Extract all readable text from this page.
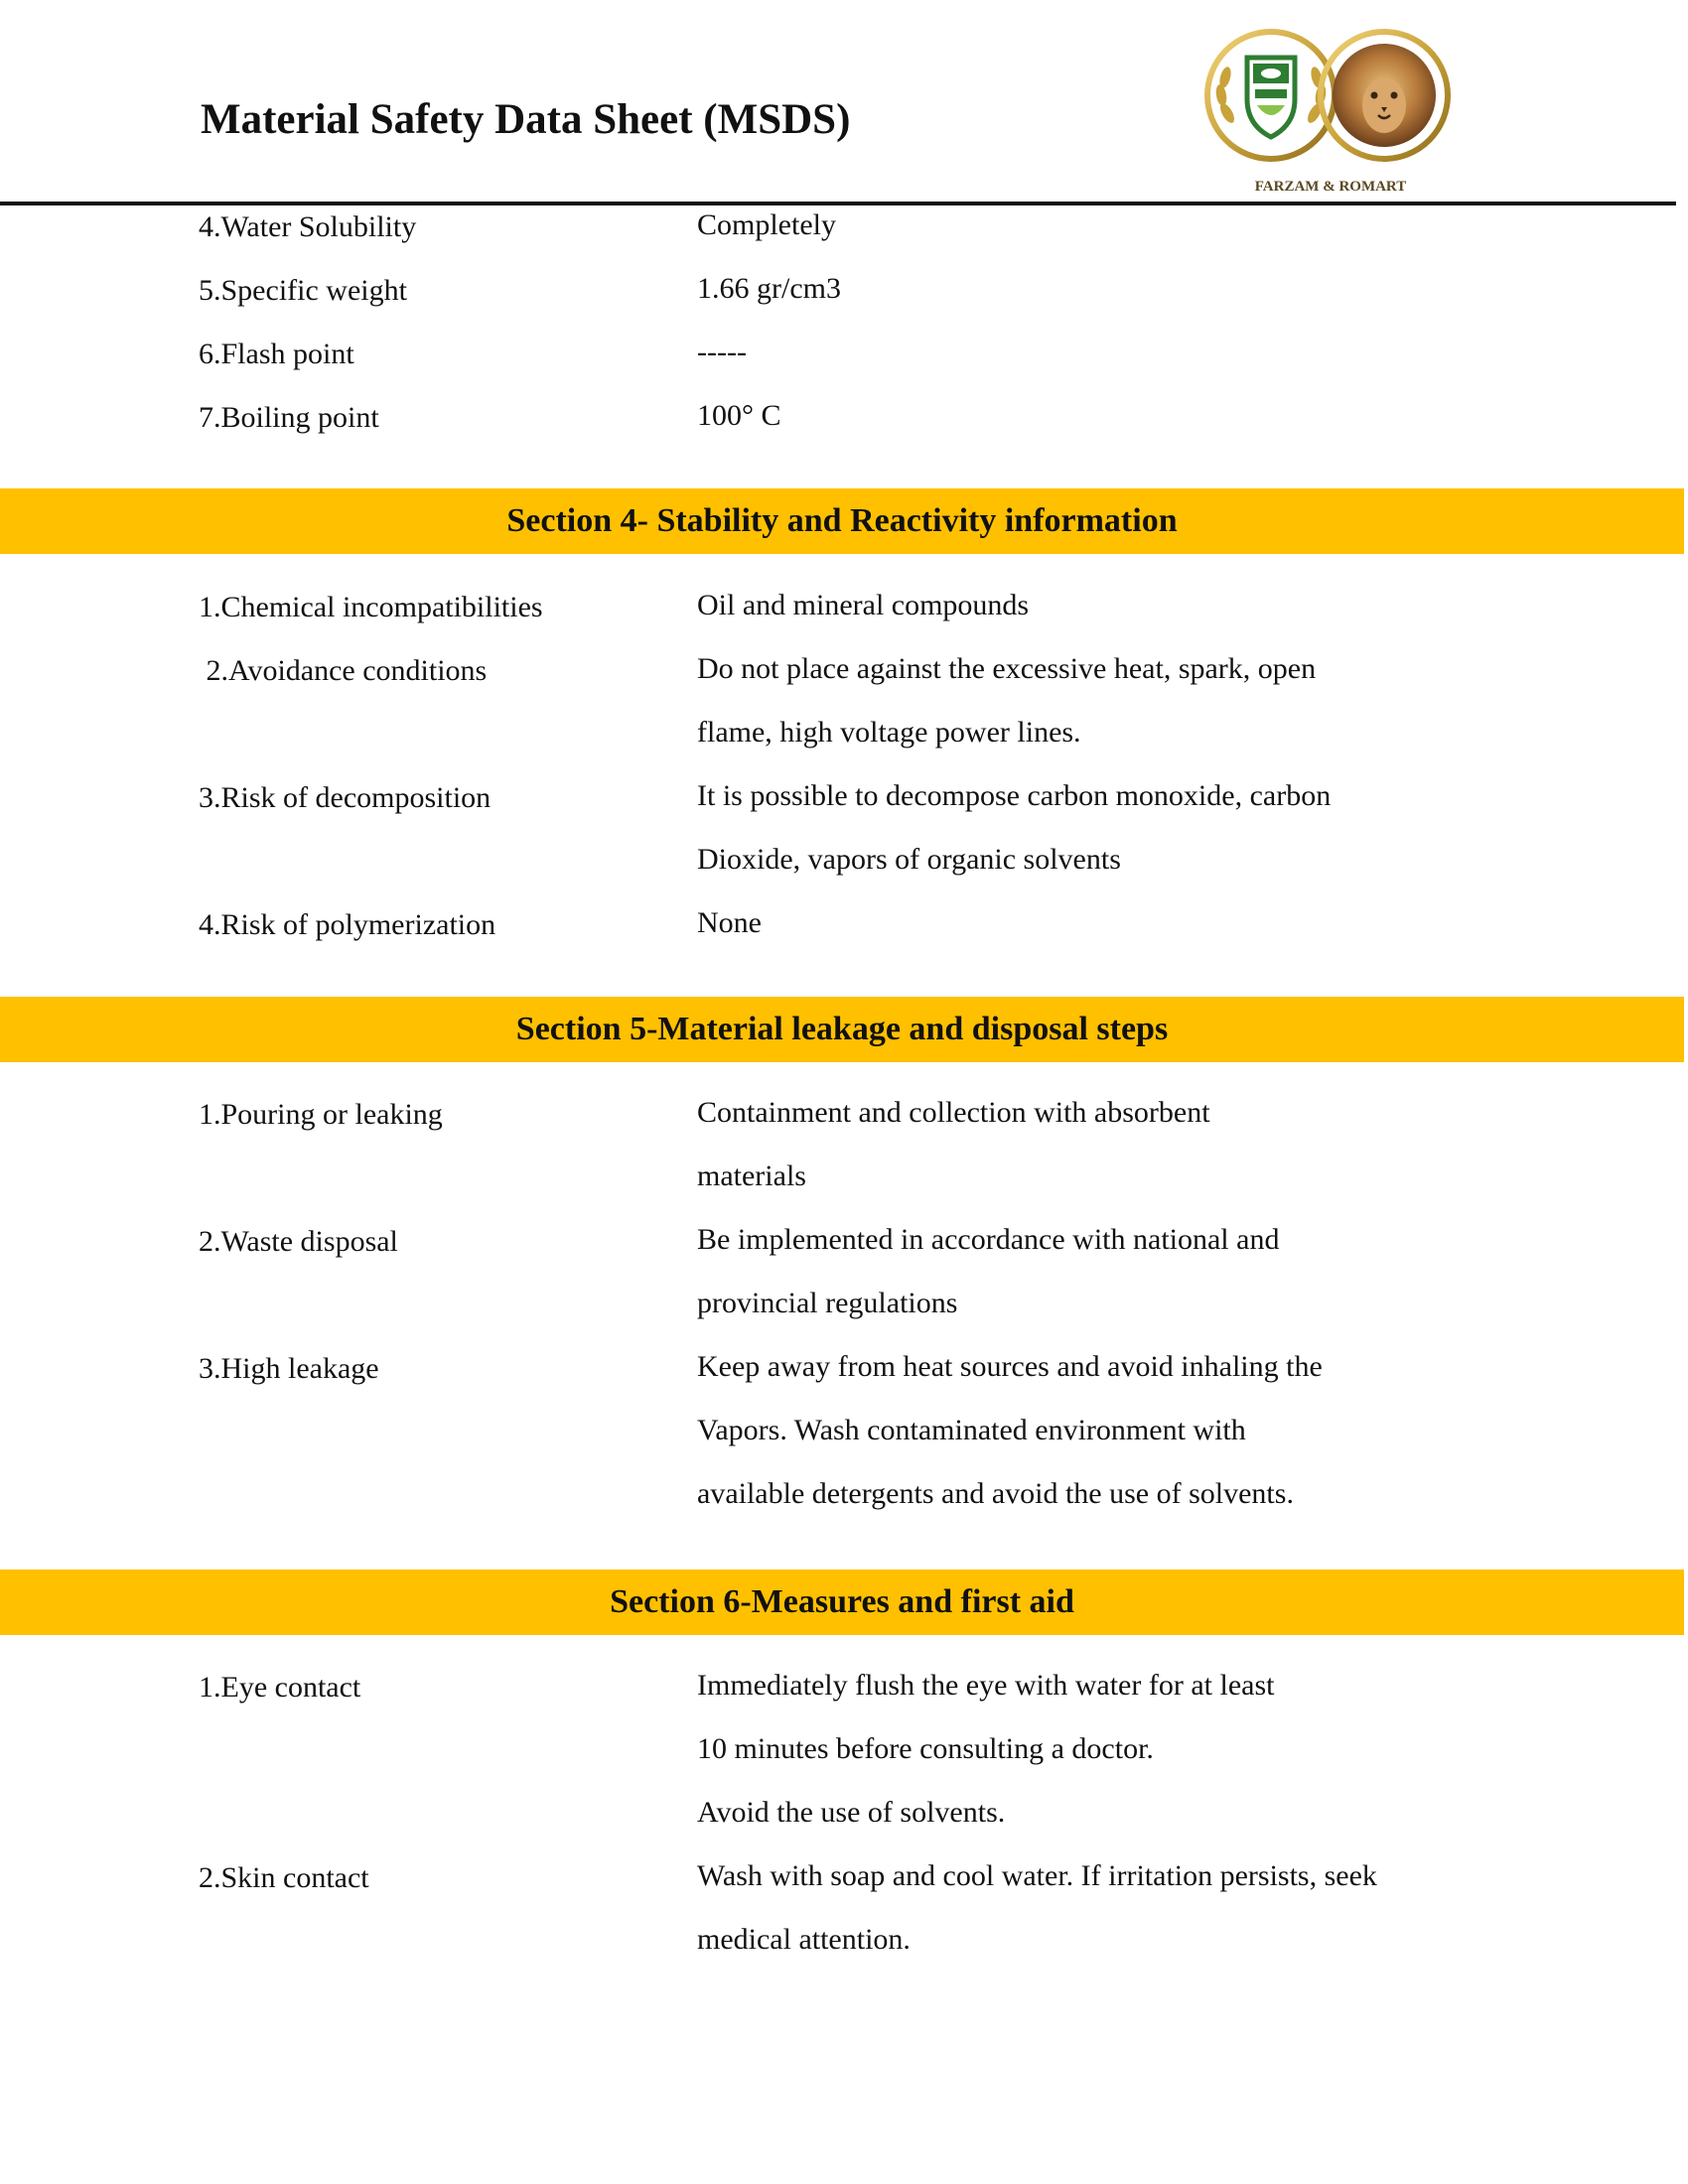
Material Safety Data Sheet (MSDS)
FARZAM & ROMART
4.Water Solubility	Completely
5.Specific weight	1.66 gr/cm3
6.Flash point	-----
7.Boiling point	100° C
Section 4- Stability and Reactivity information
1.Chemical incompatibilities	Oil and mineral compounds
2.Avoidance conditions	Do not place against the excessive heat, spark, open
flame, high voltage power lines.
3.Risk of decomposition	It is possible to decompose carbon monoxide, carbon
Dioxide, vapors of organic solvents
4.Risk of polymerization	None
Section 5-Material leakage and disposal steps
1.Pouring or leaking	Containment and collection with absorbent
materials
2.Waste disposal	Be implemented in accordance with national and
provincial regulations
3.High leakage	Keep away from heat sources and avoid inhaling the
Vapors. Wash contaminated environment with
available detergents and avoid the use of solvents.
Section 6-Measures and first aid
1.Eye contact	Immediately flush the eye with water for at least
10 minutes before consulting a doctor.
Avoid the use of solvents.
2.Skin contact	Wash with soap and cool water. If irritation persists, seek
medical attention.
